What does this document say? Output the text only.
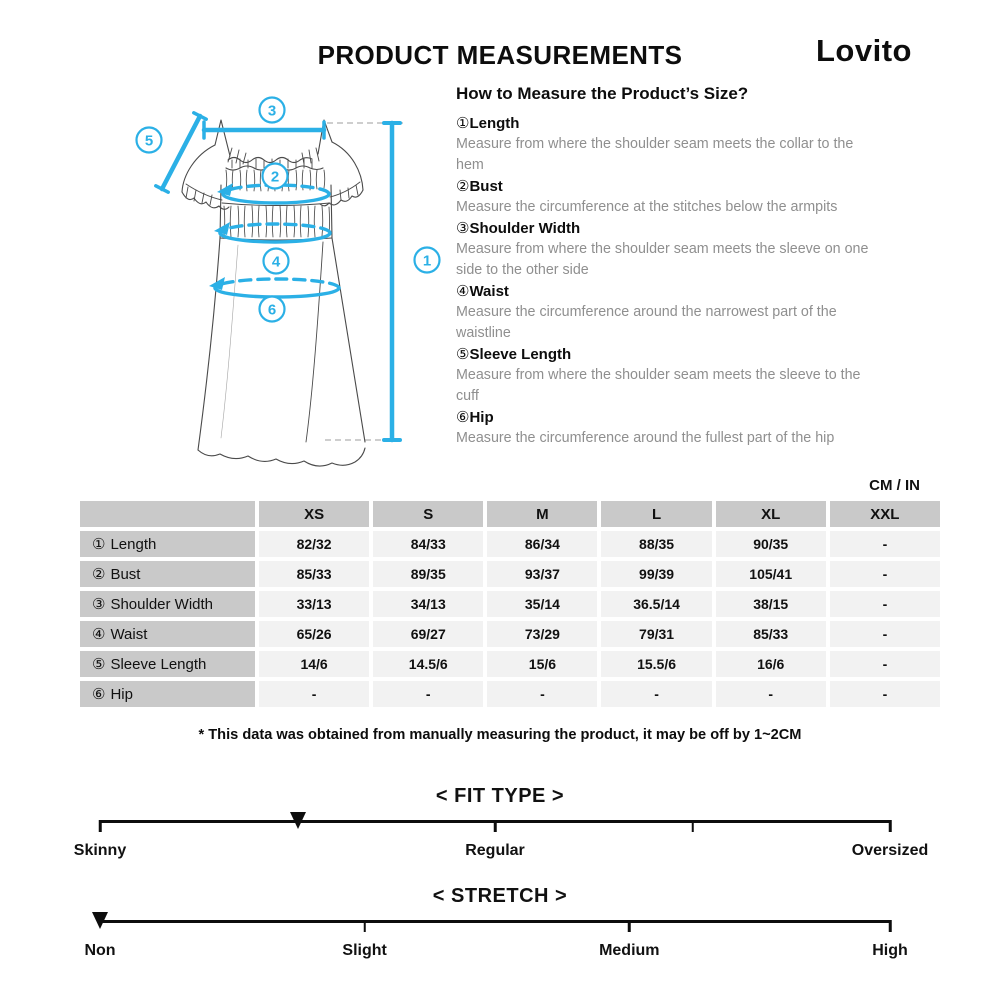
PRODUCT MEASUREMENTS	Lovito
3
5
2
4
6
1
How to Measure the Product’s Size?
①Length
Measure from where the shoulder seam meets the collar to the hem
②Bust
Measure the circumference at the stitches below the armpits
③Shoulder Width
Measure from where the shoulder seam meets the sleeve on one side to the other side
④Waist
Measure the circumference around the narrowest part of the waistline
⑤Sleeve Length
Measure from where the shoulder seam meets the sleeve to the cuff
⑥Hip
Measure the circumference around the fullest part of the hip
CM / IN
	XS	S	M	L	XL	XXL
① Length	82/32	84/33	86/34	88/35	90/35	-
② Bust	85/33	89/35	93/37	99/39	105/41	-
③ Shoulder Width	33/13	34/13	35/14	36.5/14	38/15	-
④ Waist	65/26	69/27	73/29	79/31	85/33	-
⑤ Sleeve Length	14/6	14.5/6	15/6	15.5/6	16/6	-
⑥ Hip	-	-	-	-	-	-
* This data was obtained from manually measuring the product, it may be off by 1~2CM
< FIT TYPE >
Skinny	Regular	Oversized
< STRETCH >
Non	Slight	Medium	High
